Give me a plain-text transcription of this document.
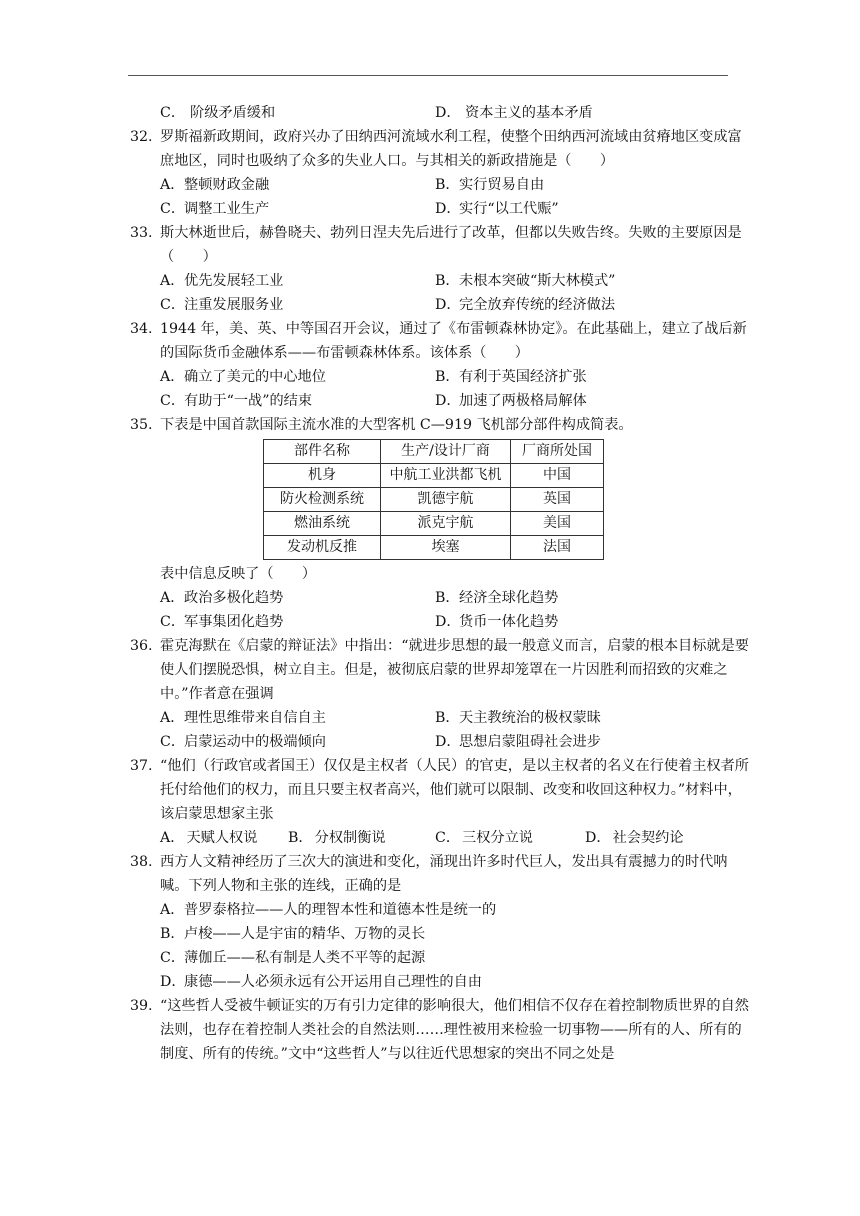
C． 阶级矛盾缓和	D． 资本主义的基本矛盾
32. 罗斯福新政期间，政府兴办了田纳西河流域水利工程，使整个田纳西河流域由贫瘠地区变成富庶地区，同时也吸纳了众多的失业人口。与其相关的新政措施是（　　）
A． 整顿财政金融	B． 实行贸易自由
C．
调整工业生产	D．
实行“以工代赈”
33. 斯大林逝世后，赫鲁晓夫、勃列日涅夫先后进行了改革，但都以失败告终。失败的主要原因是（　　）
A． 优先发展轻工业	B． 未根本突破“斯大林模式”
C．
注重发展服务业	D．
完全放弃传统的经济做法
34. 1944 年，美、英、中等国召开会议，通过了《布雷顿森林协定》。在此基础上，建立了战后新的国际货币金融体系——布雷顿森林体系。该体系（　　）
A． 确立了美元的中心地位	B． 有利于英国经济扩张
C．
有助于“一战”的结束	D．
加速了两极格局解体
35. 下表是中国首款国际主流水准的大型客机 C—919 飞机部分部件构成简表。
部件名称	生产/设计厂商	厂商所处国
机身	中航工业洪都飞机	中国
防火检测系统	凯德宇航	英国
燃油系统	派克宇航	美国
发动机反推	埃塞	法国
表中信息反映了（　　）
A． 政治多极化趋势	B． 经济全球化趋势
C．
军事集团化趋势	D．
货币一体化趋势
36. 霍克海默在《启蒙的辩证法》中指出：“就进步思想的最一般意义而言，启蒙的根本目标就是要使人们摆脱恐惧，树立自主。但是，被彻底启蒙的世界却笼罩在一片因胜利而招致的灾难之中。”作者意在强调
A． 理性思维带来自信自主	B． 天主教统治的极权蒙昧
C．
启蒙运动中的极端倾向	D．
思想启蒙阻碍社会进步
37. “他们（行政官或者国王）仅仅是主权者（人民）的官吏，是以主权者的名义在行使着主权者所托付给他们的权力，而且只要主权者高兴，他们就可以限制、改变和收回这种权力。”材料中，该启蒙思想家主张
A． 天赋人权说	B． 分权制衡说	C． 三权分立说	D． 社会契约论
38. 西方人文精神经历了三次大的演进和变化，涌现出许多时代巨人，发出具有震撼力的时代呐喊。下列人物和主张的连线，正确的是
A． 普罗泰格拉——人的理智本性和道德本性是统一的
B． 卢梭——人是宇宙的精华、万物的灵长
C．
薄伽丘——私有制是人类不平等的起源
D．
康德——人必须永远有公开运用自己理性的自由
39. “这些哲人受被牛顿证实的万有引力定律的影响很大，他们相信不仅存在着控制物质世界的自然法则，也存在着控制人类社会的自然法则……理性被用来检验一切事物——所有的人、所有的制度、所有的传统。”文中“这些哲人”与以往近代思想家的突出不同之处是
